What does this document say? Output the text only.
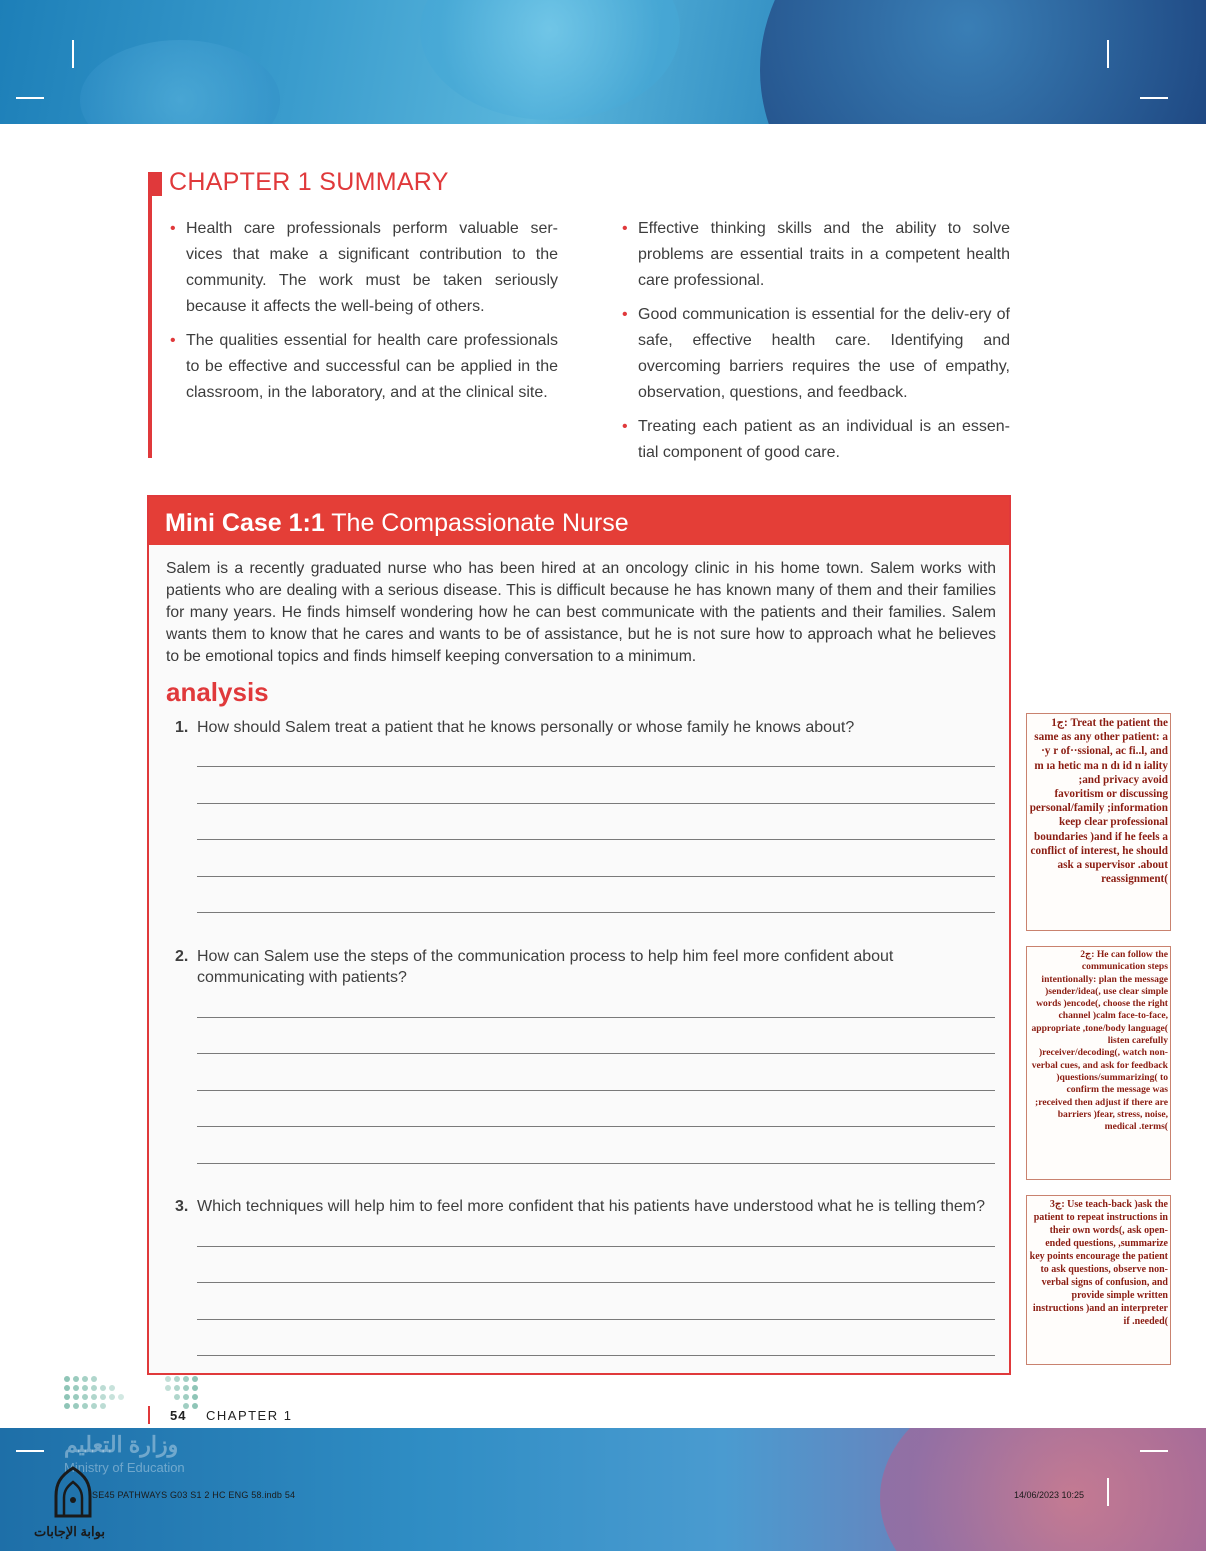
CHAPTER 1 SUMMARY

• Health care professionals perform valuable ser-vices that make a significant contribution to the community. The work must be taken seriously because it affects the well-being of others.

• The qualities essential for health care professionals to be effective and successful can be applied in the classroom, in the laboratory, and at the clinical site.

• Effective thinking skills and the ability to solve problems are essential traits in a competent health care professional.

• Good communication is essential for the deliv-ery of safe, effective health care. Identifying and overcoming barriers requires the use of empathy, observation, questions, and feedback.

• Treating each patient as an individual is an essen-tial component of good care.

Mini Case 1:1 The Compassionate Nurse

Salem is a recently graduated nurse who has been hired at an oncology clinic in his home town. Salem works with patients who are dealing with a serious disease. This is difficult because he has known many of them and their families for many years. He finds himself wondering how he can best communicate with the patients and their families. Salem wants them to know that he cares and wants to be of assistance, but he is not sure how to approach what he believes to be emotional topics and finds himself keeping conversation to a minimum.

analysis
1. How should Salem treat a patient that he knows personally or whose family he knows about?
2. How can Salem use the steps of the communication process to help him feel more confident about communicating with patients?
3. Which techniques will help him to feel more confident that his patients have understood what he is telling them?
ج1: Treat the patient the same as any other patient: a ·y r of··ssional, ac fi..l, and m ıa hetic ma n dı id n iality ;and privacy avoid favoritism or discussing personal/family ;information keep clear professional boundaries )and if he feels a conflict of interest, he should ask a supervisor .about reassignment(
ج2: He can follow the communication steps intentionally: plan the message )sender/idea(, use clear simple words )encode(, choose the right channel )calm face-to-face, appropriate ,tone/body language( listen carefully )receiver/decoding(, watch non-verbal cues, and ask for feedback )questions/summarizing( to confirm the message was ;received then adjust if there are barriers )fear, stress, noise, medical .terms(
ج3: Use teach-back )ask the patient to repeat instructions in their own words(, ask open-ended questions, ,summarize key points encourage the patient to ask questions, observe non-verbal signs of confusion, and provide simple written instructions )and an interpreter if .needed(
54 CHAPTER 1
وزارة التعليم
Ministry of Education
SE45 PATHWAYS G03 S1 2 HC ENG 58.indb 54	14/06/2023 10:25
بوابة الإجابات
